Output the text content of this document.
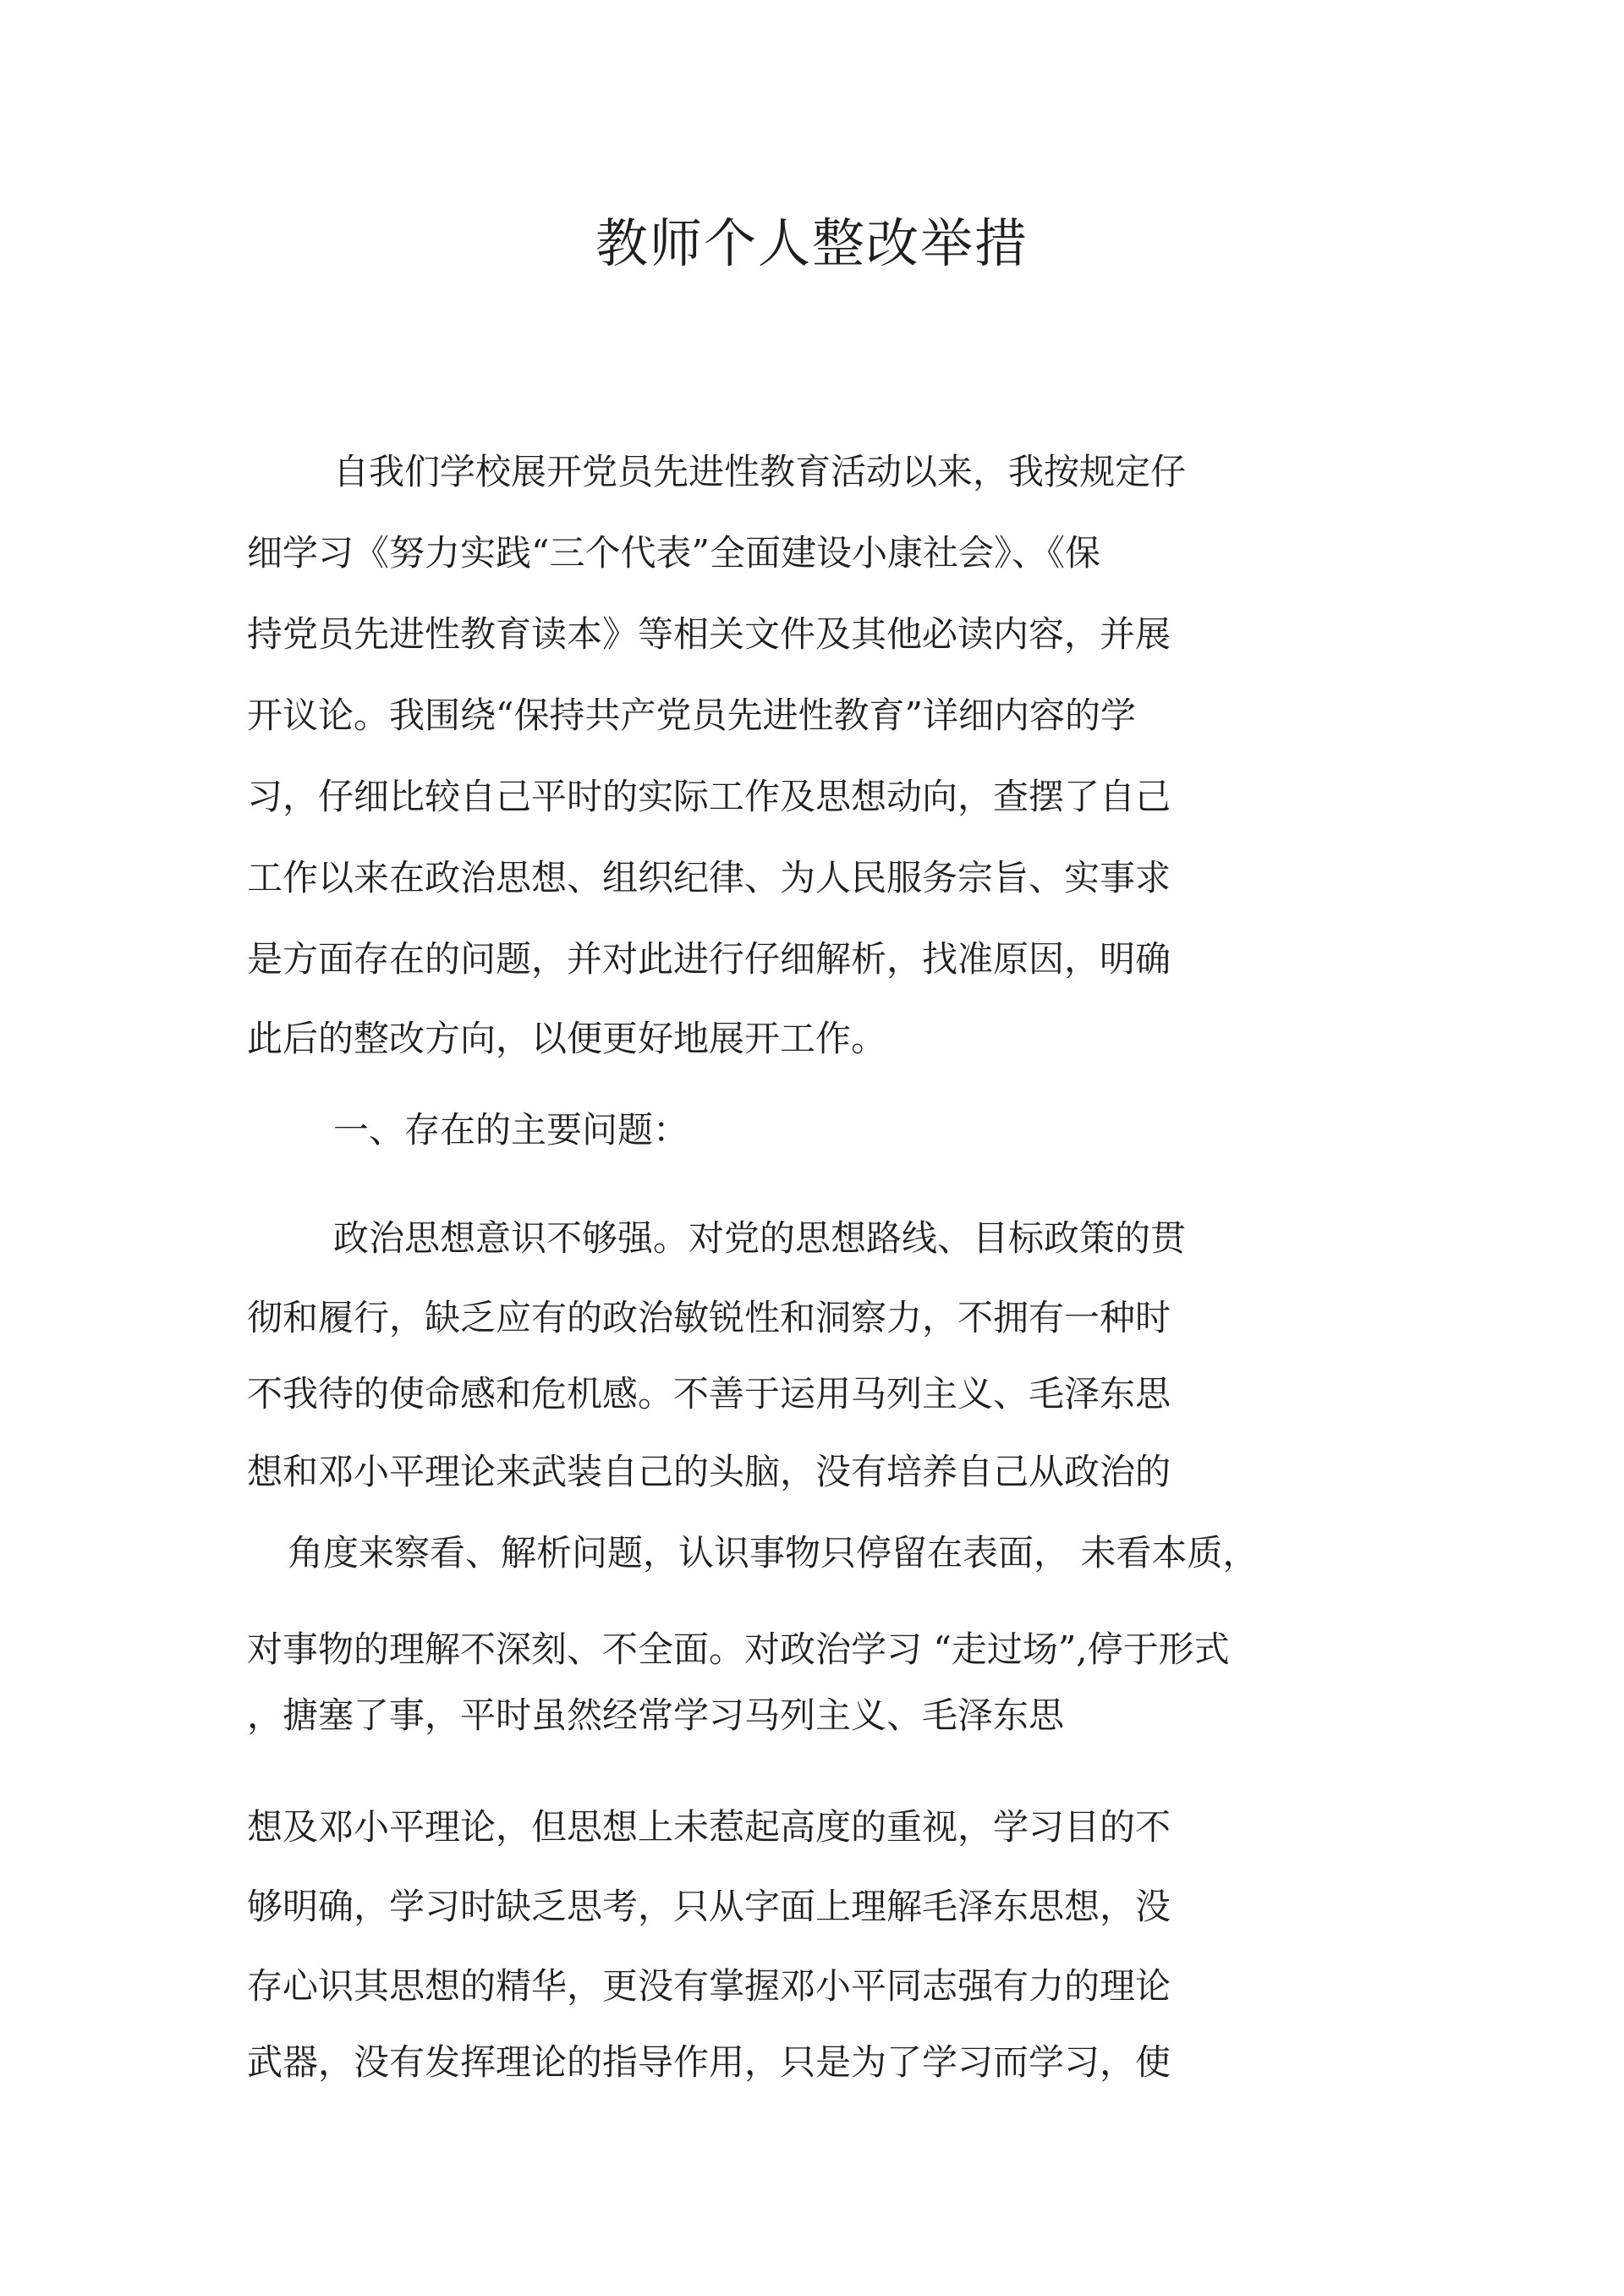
教师个人整改举措
自我们学校展开党员先进性教育活动以来，我按规定仔
细学习《努力实践“三个代表”全面建设小康社会》、《保
持党员先进性教育读本》等相关文件及其他必读内容，并展
开议论。我围绕“保持共产党员先进性教育”详细内容的学
习，仔细比较自己平时的实际工作及思想动向，查摆了自己
工作以来在政治思想、组织纪律、为人民服务宗旨、实事求
是方面存在的问题，并对此进行仔细解析，找准原因，明确
此后的整改方向，以便更好地展开工作。
一、存在的主要问题：
政治思想意识不够强。对党的思想路线、目标政策的贯
彻和履行，缺乏应有的政治敏锐性和洞察力，不拥有一种时
不我待的使命感和危机感。不善于运用马列主义、毛泽东思
想和邓小平理论来武装自己的头脑，没有培养自己从政治的
角度来察看、解析问题，认识事物只停留在表面， 未看本质，
对事物的理解不深刻、不全面。对政治学习 “走过场”,停于形式
，搪塞了事，平时虽然经常学习马列主义、毛泽东思
想及邓小平理论，但思想上未惹起高度的重视，学习目的不
够明确，学习时缺乏思考，只从字面上理解毛泽东思想，没
存心识其思想的精华，更没有掌握邓小平同志强有力的理论
武器，没有发挥理论的指导作用，只是为了学习而学习，使
